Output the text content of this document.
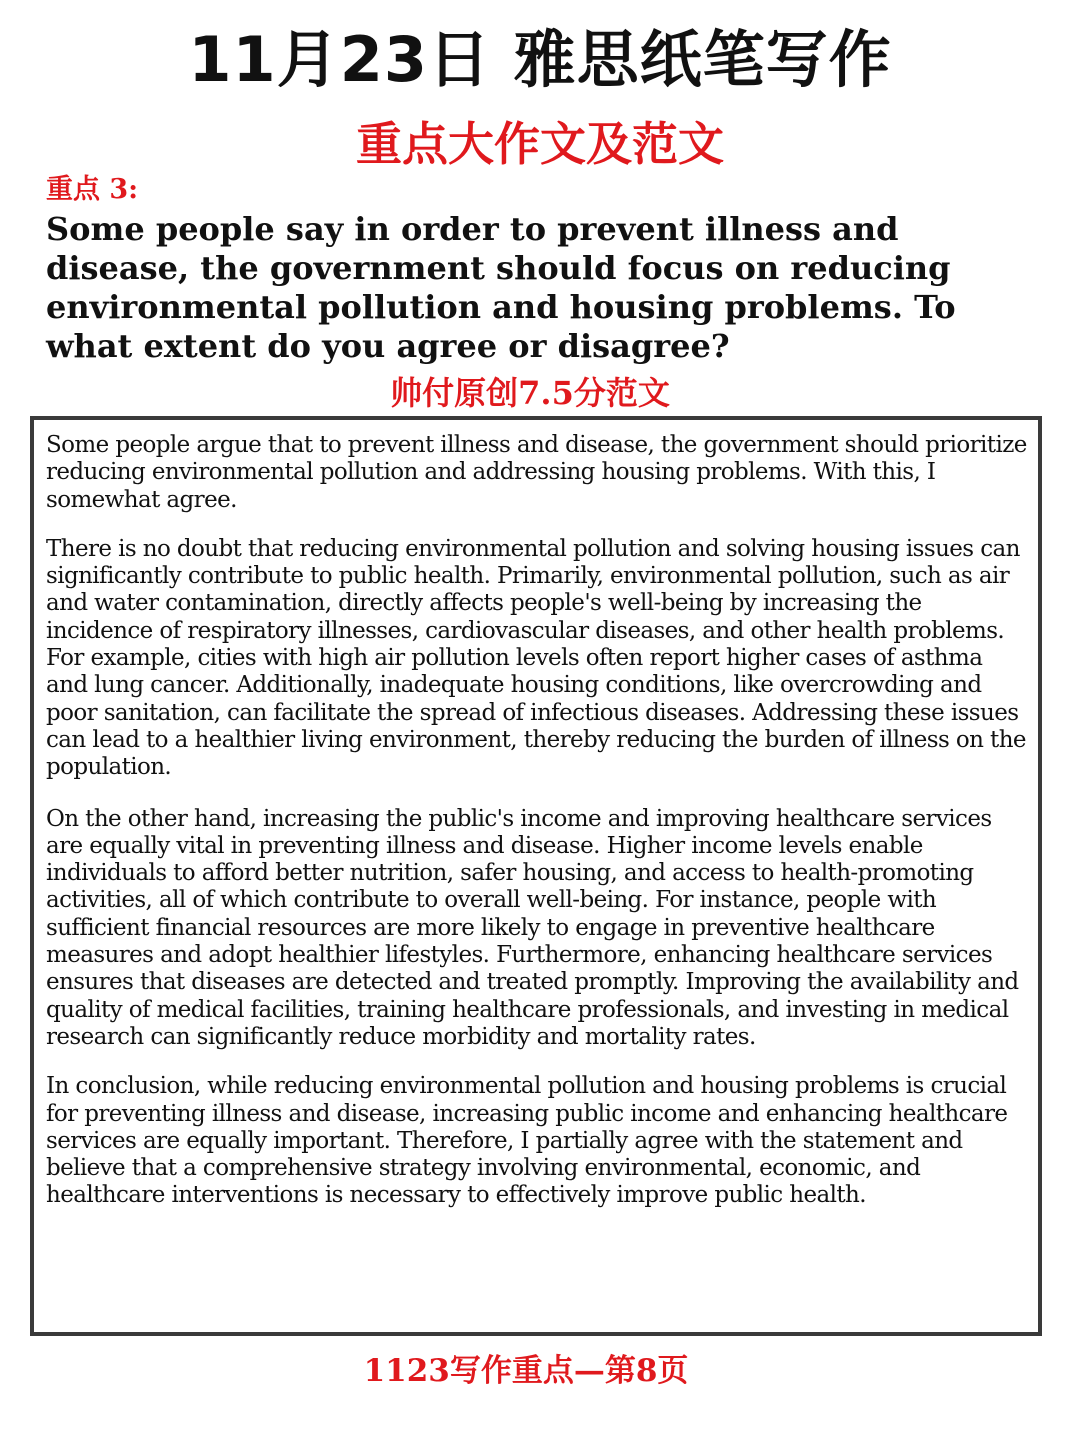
11月23日 雅思纸笔写作
重点大作文及范文
重点 3:
Some people say in order to prevent illness and disease, the government should focus on reducing environmental pollution and housing problems. To what extent do you agree or disagree?
帅付原创7.5分范文

Some people argue that to prevent illness and disease, the government should prioritize reducing environmental pollution and addressing housing problems. With this, I somewhat agree.

There is no doubt that reducing environmental pollution and solving housing issues can significantly contribute to public health. Primarily, environmental pollution, such as air and water contamination, directly affects people's well-being by increasing the incidence of respiratory illnesses, cardiovascular diseases, and other health problems. For example, cities with high air pollution levels often report higher cases of asthma and lung cancer. Additionally, inadequate housing conditions, like overcrowding and poor sanitation, can facilitate the spread of infectious diseases. Addressing these issues can lead to a healthier living environment, thereby reducing the burden of illness on the population.

On the other hand, increasing the public's income and improving healthcare services are equally vital in preventing illness and disease. Higher income levels enable individuals to afford better nutrition, safer housing, and access to health-promoting activities, all of which contribute to overall well-being. For instance, people with sufficient financial resources are more likely to engage in preventive healthcare measures and adopt healthier lifestyles. Furthermore, enhancing healthcare services ensures that diseases are detected and treated promptly. Improving the availability and quality of medical facilities, training healthcare professionals, and investing in medical research can significantly reduce morbidity and mortality rates.

In conclusion, while reducing environmental pollution and housing problems is crucial for preventing illness and disease, increasing public income and enhancing healthcare services are equally important. Therefore, I partially agree with the statement and believe that a comprehensive strategy involving environmental, economic, and healthcare interventions is necessary to effectively improve public health.

1123写作重点—第8页
